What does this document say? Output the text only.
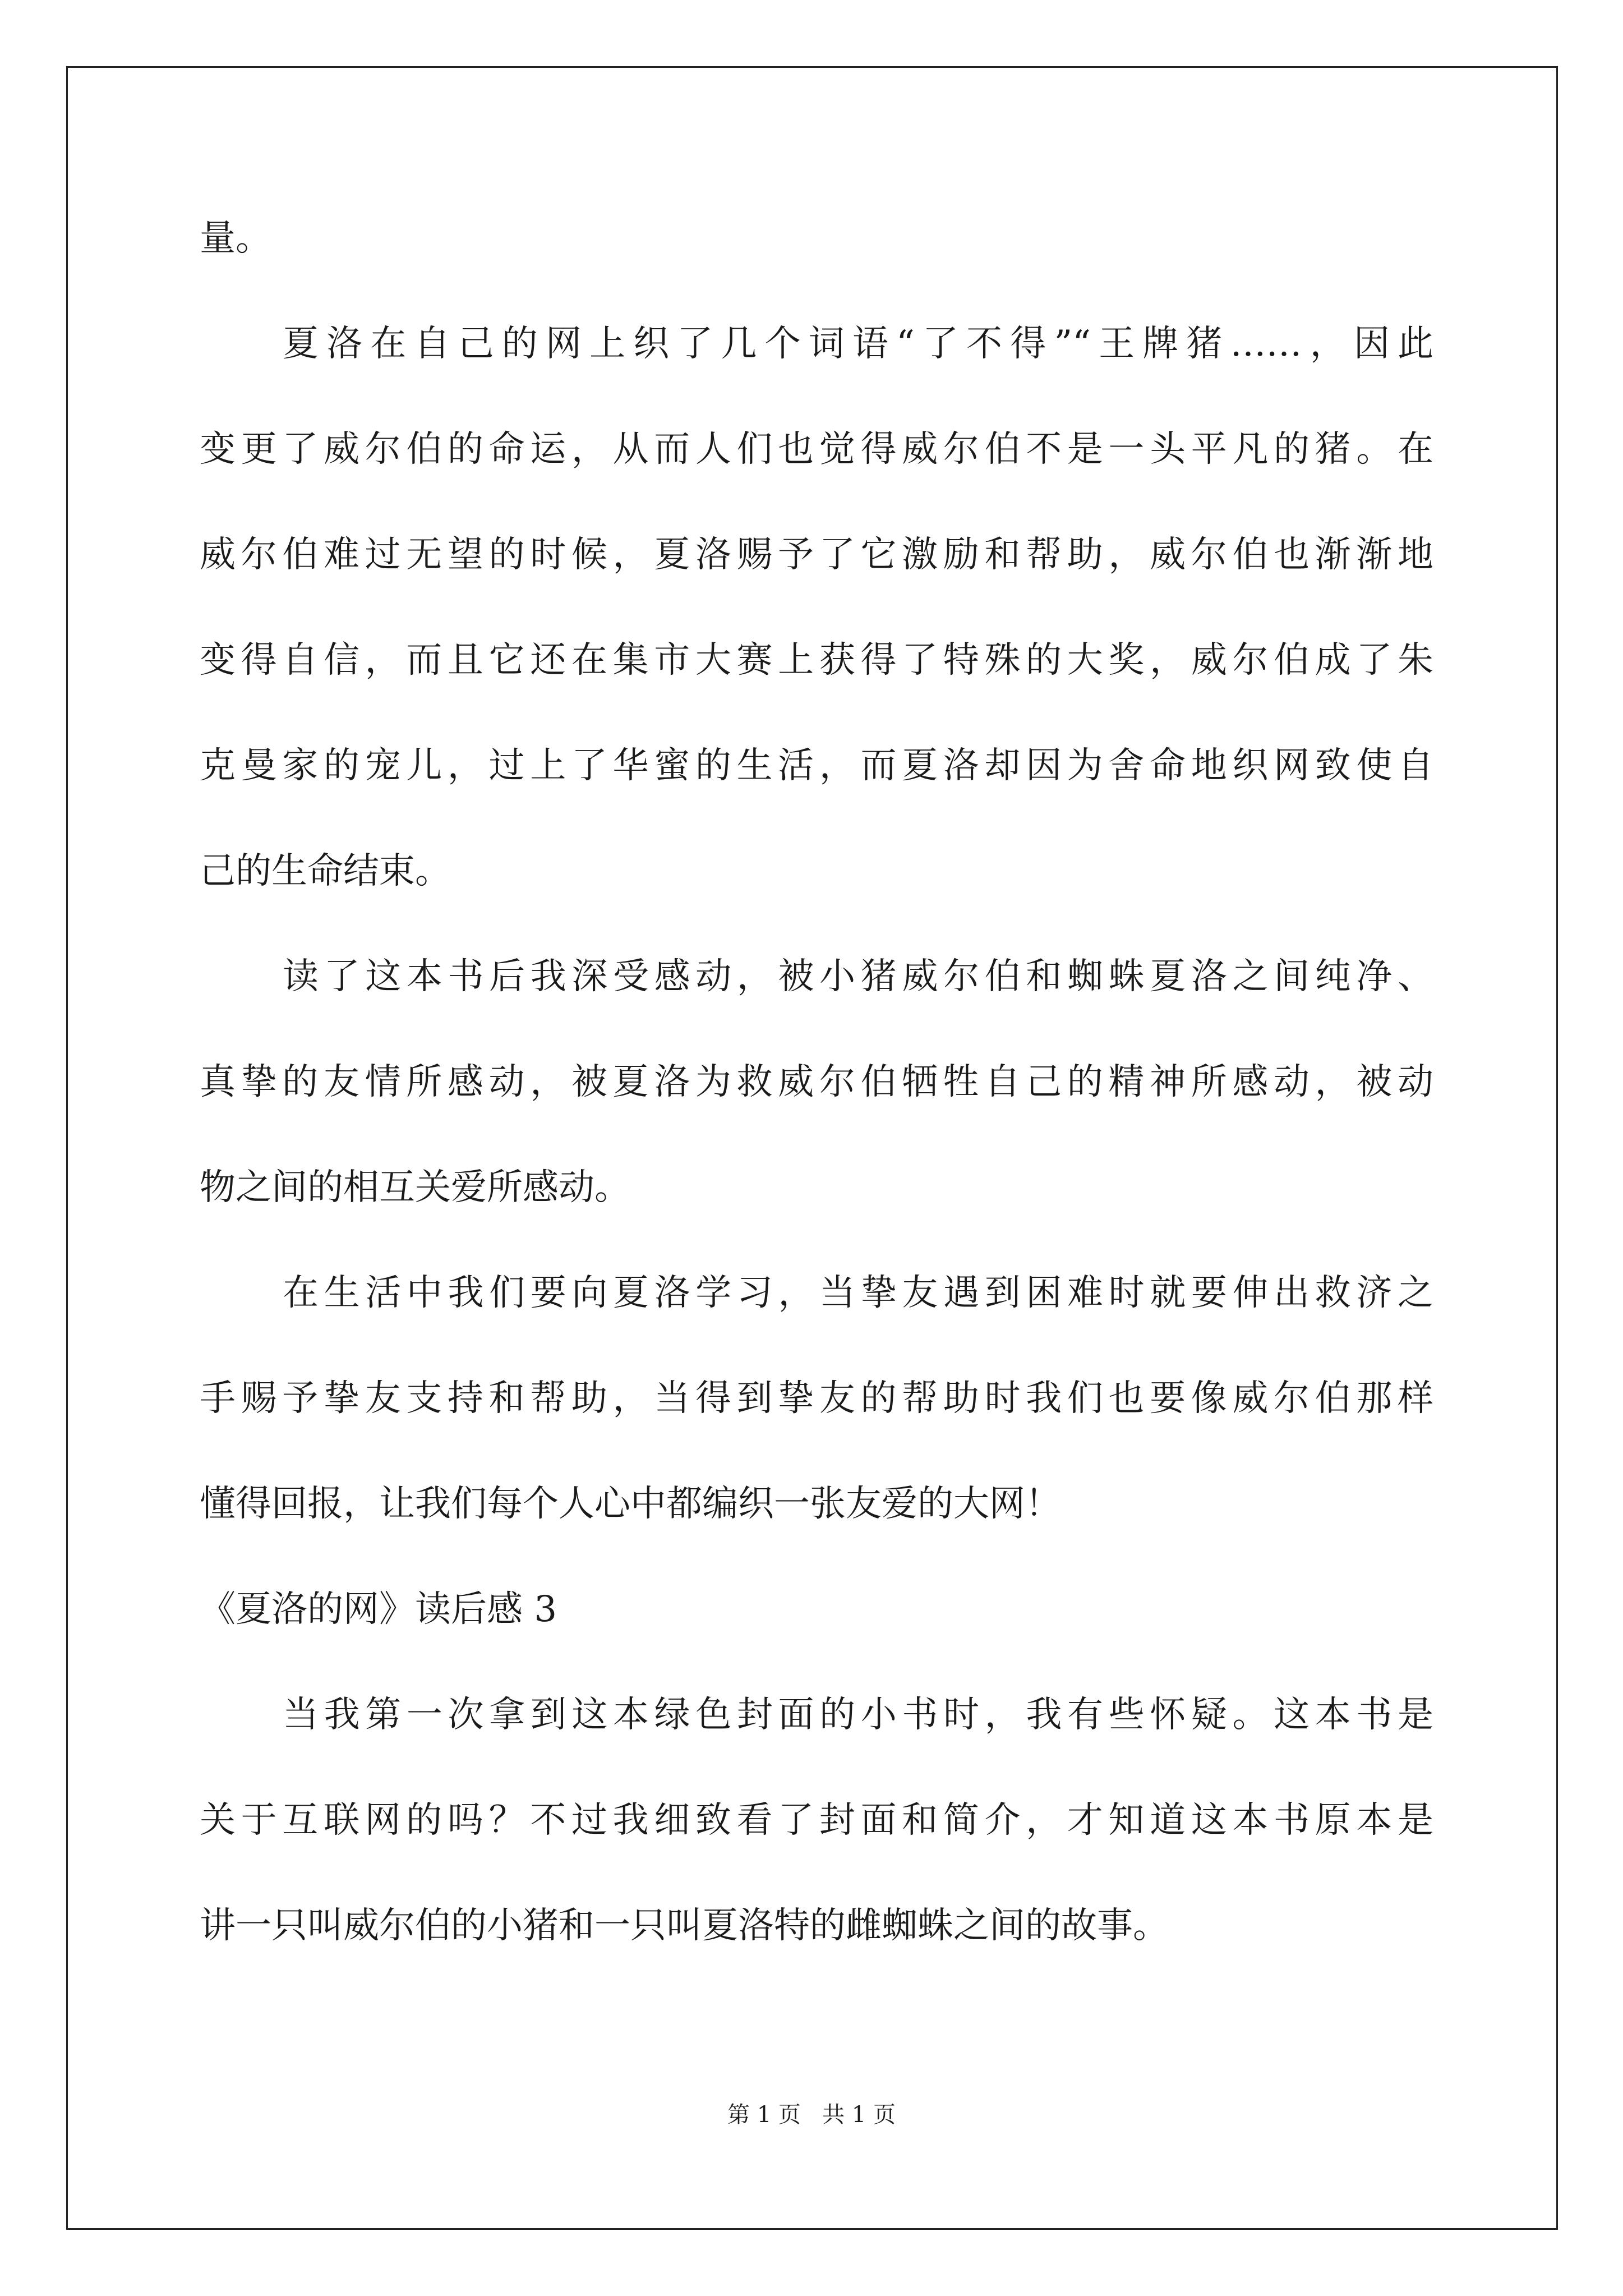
量。
夏洛在自己的网上织了几个词语“了不得”“王牌猪……，因此
变更了威尔伯的命运，从而人们也觉得威尔伯不是一头平凡的猪。在
威尔伯难过无望的时候，夏洛赐予了它激励和帮助，威尔伯也渐渐地
变得自信，而且它还在集市大赛上获得了特殊的大奖，威尔伯成了朱
克曼家的宠儿，过上了华蜜的生活，而夏洛却因为舍命地织网致使自
己的生命结束。
读了这本书后我深受感动，被小猪威尔伯和蜘蛛夏洛之间纯净、
真挚的友情所感动，被夏洛为救威尔伯牺牲自己的精神所感动，被动
物之间的相互关爱所感动。
在生活中我们要向夏洛学习，当挚友遇到困难时就要伸出救济之
手赐予挚友支持和帮助，当得到挚友的帮助时我们也要像威尔伯那样
懂得回报，让我们每个人心中都编织一张友爱的大网！
《夏洛的网》读后感 3
当我第一次拿到这本绿色封面的小书时，我有些怀疑。这本书是
关于互联网的吗？不过我细致看了封面和简介，才知道这本书原本是
讲一只叫威尔伯的小猪和一只叫夏洛特的雌蜘蛛之间的故事。
第 1 页   共 1 页
